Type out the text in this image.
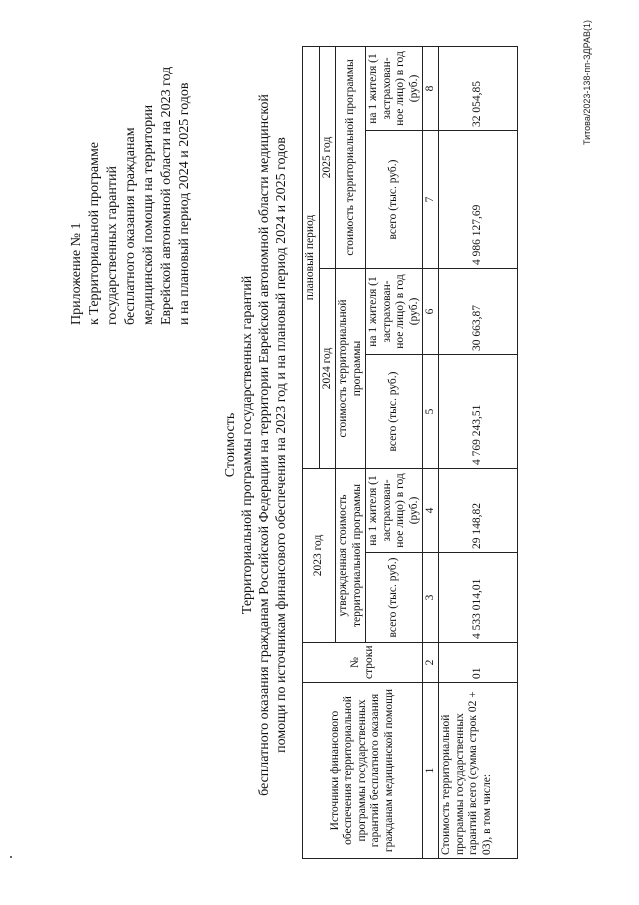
Приложение № 1 к Территориальной программе государственных гарантий бесплатного оказания гражданам медицинской помощи на территории Еврейской автономной области на 2023 год и на плановый период 2024 и 2025 годов
Стоимость Территориальной программы государственных гарантий бесплатного оказания гражданам Российской Федерации на территории Еврейской автономной области медицинской помощи по источникам финансового обеспечения на 2023 год и на плановый период 2024 и 2025 годов
Источники финансового обеспечения территориальной программы государственных гарантий бесплатного оказания гражданам медицинской помощи	№ строки	2023 год		плановый период			
				2024 год		2025 год	
		утвержденная стоимость территориальной программы		стоимость территориальной программы		стоимость территориальной программы	
		всего (тыс. руб.)	на 1 жителя (1 застрахован-ное лицо) в год (руб.)	всего (тыс. руб.)	на 1 жителя (1 застрахован-ное лицо) в год (руб.)	всего (тыс. руб.)	на 1 жителя (1 застрахован-ное лицо) в год (руб.)
1	2	3	4	5	6	7	8
Стоимость территориальной программы государственных гарантий всего (сумма строк 02 + 03), в том числе:	01	4 533 014,01	29 148,82	4 769 243,51	30 663,87	4 986 127,69	32 054,85	Титова/2023-138-пп-ЗДРАВ(1)
